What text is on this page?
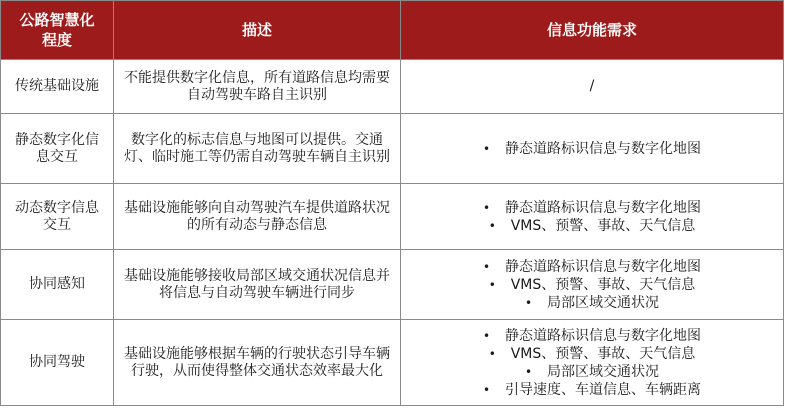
公路智慧化程度	描述	信息功能需求
传统基础设施	不能提供数字化信息，所有道路信息均需要自动驾驶车路自主识别	/
静态数字化信息交互	数字化的标志信息与地图可以提供。交通灯、临时施工等仍需自动驾驶车辆自主识别	• 静态道路标识信息与数字化地图

动态数字信息交互	基础设施能够向自动驾驶汽车提供道路状况的所有动态与静态信息	• 静态道路标识信息与数字化地图
• VMS、预警、事故、天气信息

协同感知	基础设施能够接收局部区域交通状况信息并将信息与自动驾驶车辆进行同步	• 静态道路标识信息与数字化地图
• VMS、预警、事故、天气信息
• 局部区域交通状况

协同驾驶	基础设施能够根据车辆的行驶状态引导车辆行驶，从而使得整体交通状态效率最大化	• 静态道路标识信息与数字化地图
• VMS、预警、事故、天气信息
• 局部区域交通状况
• 引导速度、车道信息、车辆距离
